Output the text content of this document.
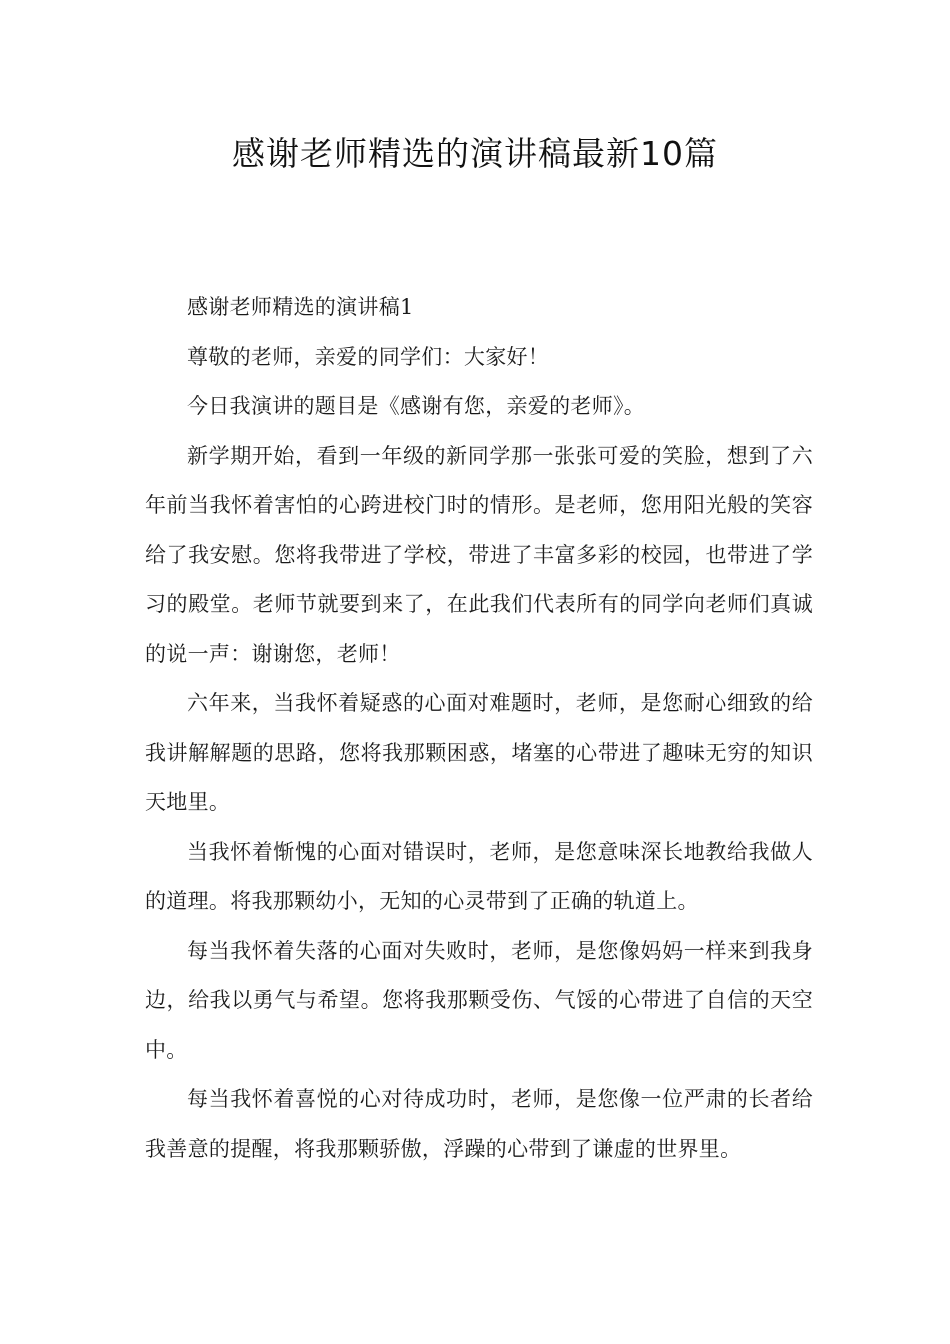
感谢老师精选的演讲稿最新10篇

感谢老师精选的演讲稿1

尊敬的老师，亲爱的同学们：大家好！

今日我演讲的题目是《感谢有您，亲爱的老师》。

新学期开始，看到一年级的新同学那一张张可爱的笑脸，想到了六年前当我怀着害怕的心跨进校门时的情形。是老师，您用阳光般的笑容给了我安慰。您将我带进了学校，带进了丰富多彩的校园，也带进了学习的殿堂。老师节就要到来了，在此我们代表所有的同学向老师们真诚的说一声：谢谢您，老师！

六年来，当我怀着疑惑的心面对难题时，老师，是您耐心细致的给我讲解解题的思路，您将我那颗困惑，堵塞的心带进了趣味无穷的知识天地里。

当我怀着惭愧的心面对错误时，老师，是您意味深长地教给我做人的道理。将我那颗幼小，无知的心灵带到了正确的轨道上。

每当我怀着失落的心面对失败时，老师，是您像妈妈一样来到我身边，给我以勇气与希望。您将我那颗受伤、气馁的心带进了自信的天空中。

每当我怀着喜悦的心对待成功时，老师，是您像一位严肃的长者给我善意的提醒，将我那颗骄傲，浮躁的心带到了谦虚的世界里。
